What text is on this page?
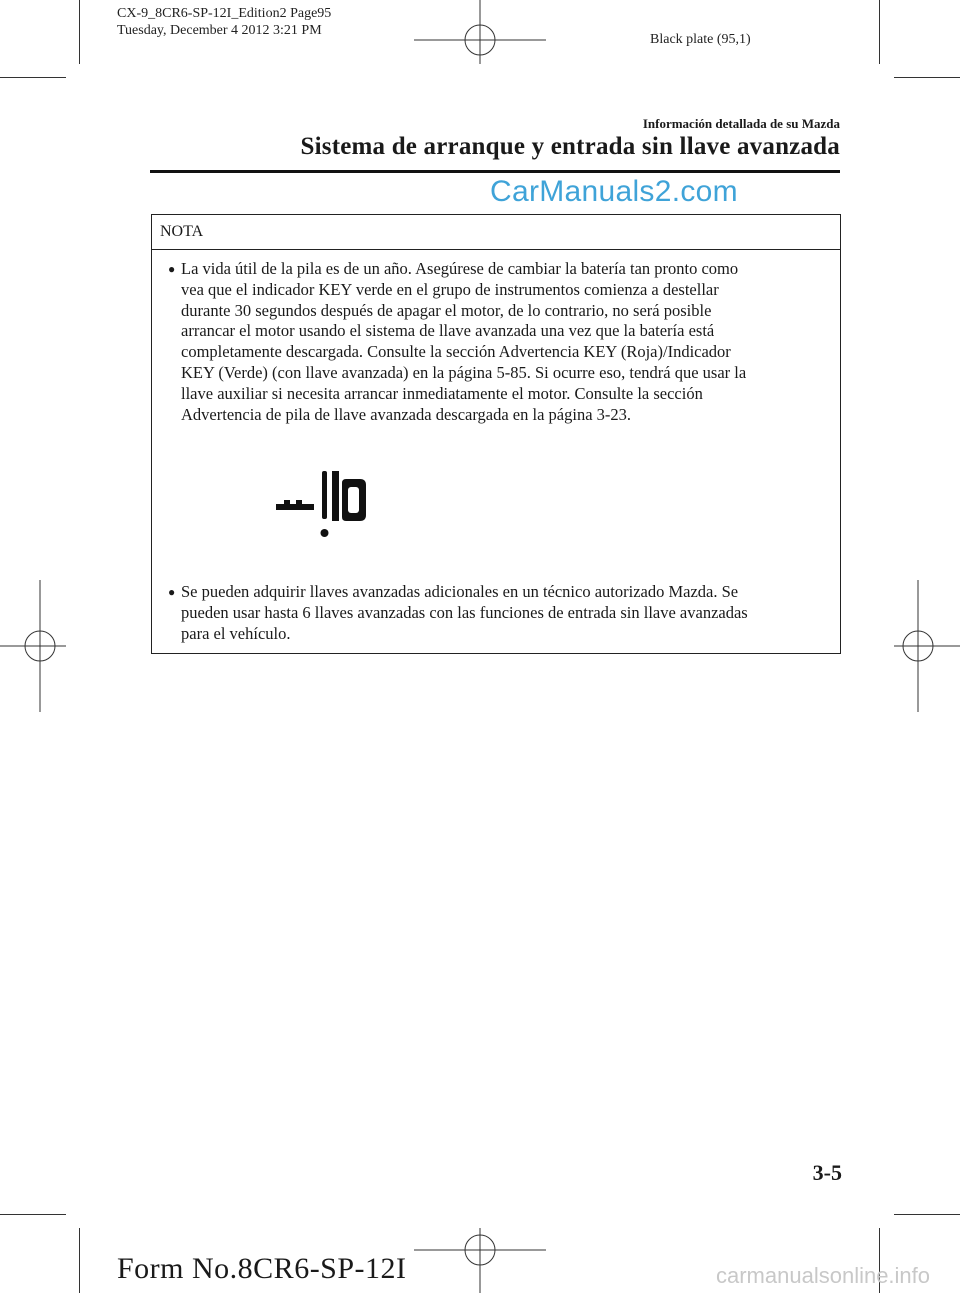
CX-9_8CR6-SP-12I_Edition2 Page95
Tuesday, December 4 2012 3:21 PM
Black plate (95,1)
Información detallada de su Mazda
Sistema de arranque y entrada sin llave avanzada
CarManuals2.com
NOTA
● La vida útil de la pila es de un año. Asegúrese de cambiar la batería tan pronto como
vea que el indicador KEY verde en el grupo de instrumentos comienza a destellar
durante 30 segundos después de apagar el motor, de lo contrario, no será posible
arrancar el motor usando el sistema de llave avanzada una vez que la batería está
completamente descargada. Consulte la sección Advertencia KEY (Roja)/Indicador
KEY (Verde) (con llave avanzada) en la página 5-85. Si ocurre eso, tendrá que usar la
llave auxiliar si necesita arrancar inmediatamente el motor. Consulte la sección
Advertencia de pila de llave avanzada descargada en la página 3-23.
● Se pueden adquirir llaves avanzadas adicionales en un técnico autorizado Mazda. Se
pueden usar hasta 6 llaves avanzadas con las funciones de entrada sin llave avanzadas
para el vehículo.
3-5
Form No.8CR6-SP-12I	carmanualsonline.info
